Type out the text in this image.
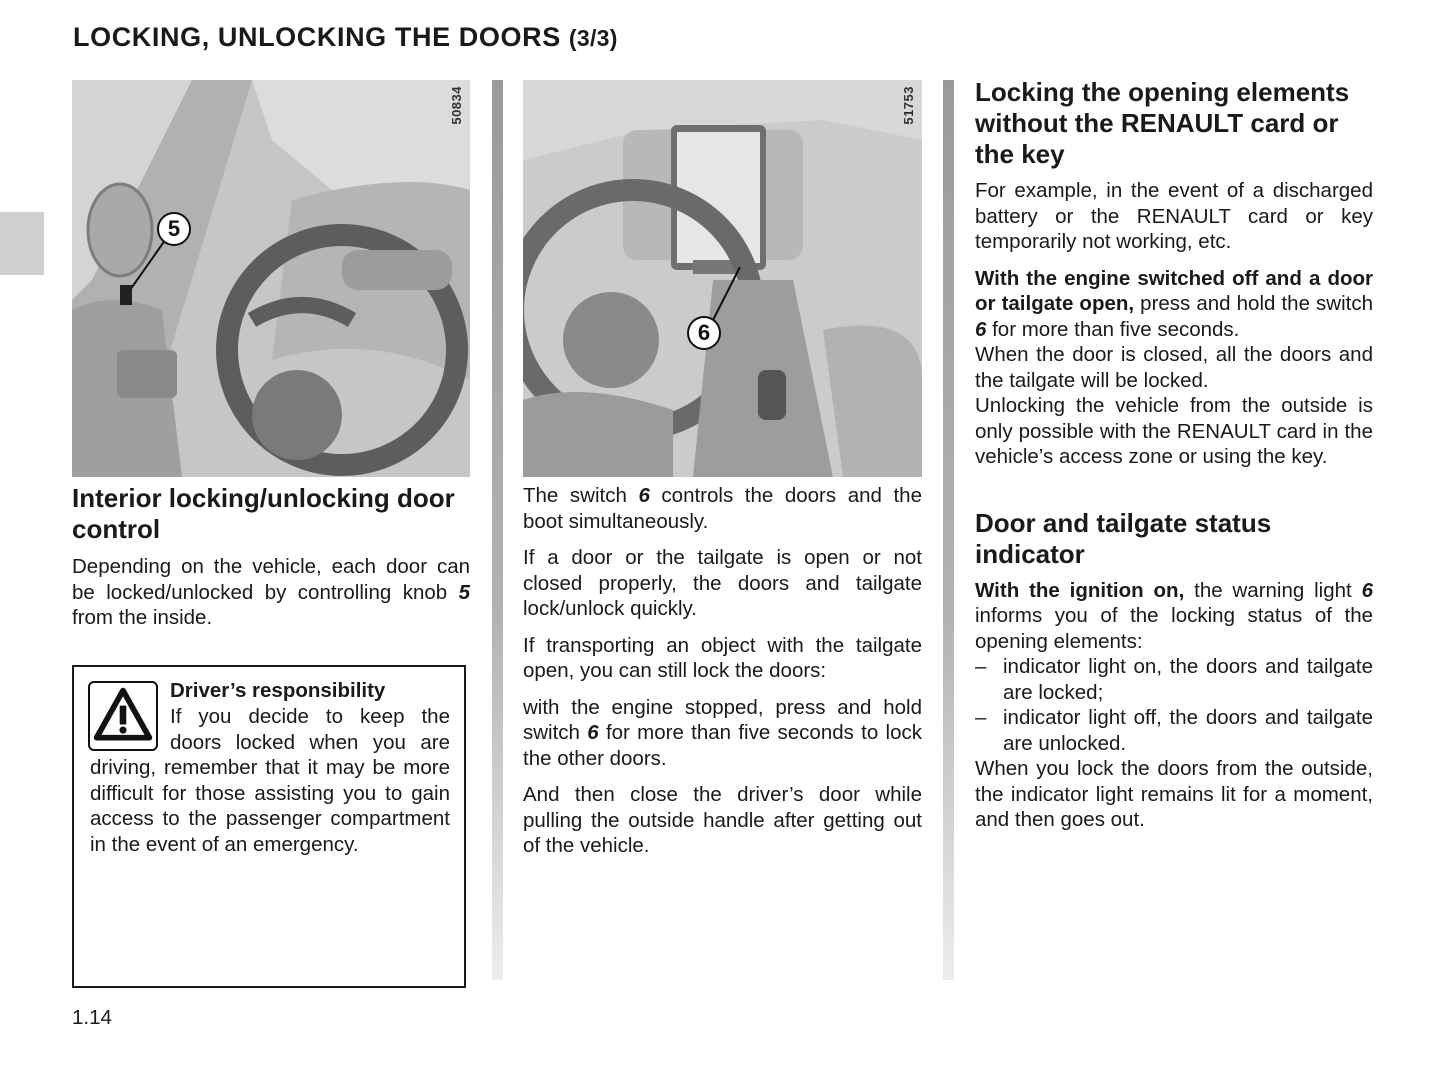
LOCKING, UNLOCKING THE DOORS (3/3)
50834
5
Interior locking/unlocking door control

Depending on the vehicle, each door can be locked/unlocked by controlling knob 5 from the inside.

Driver’s responsibility

If you decide to keep the doors locked when you are driving, remember that it may be more difficult for those assisting you to gain access to the passenger compartment in the event of an emergency.

51753
6

The switch 6 controls the doors and the boot simultaneously.

If a door or the tailgate is open or not closed properly, the doors and tailgate lock/unlock quickly.

If transporting an object with the tailgate open, you can still lock the doors:

with the engine stopped, press and hold switch 6 for more than five seconds to lock the other doors.

And then close the driver’s door while pulling the outside handle after getting out of the vehicle.

Locking the opening elements without the RENAULT card or the key

For example, in the event of a discharged battery or the RENAULT card or key temporarily not working, etc.

With the engine switched off and a door or tailgate open, press and hold the switch 6 for more than five seconds.

When the door is closed, all the doors and the tailgate will be locked.

Unlocking the vehicle from the outside is only possible with the RENAULT card in the vehicle’s access zone or using the key.

Door and tailgate status indicator

With the ignition on, the warning light 6 informs you of the locking status of the opening elements:

– indicator light on, the doors and tailgate are locked;
– indicator light off, the doors and tailgate are unlocked.

When you lock the doors from the outside, the indicator light remains lit for a moment, and then goes out.

1.14
